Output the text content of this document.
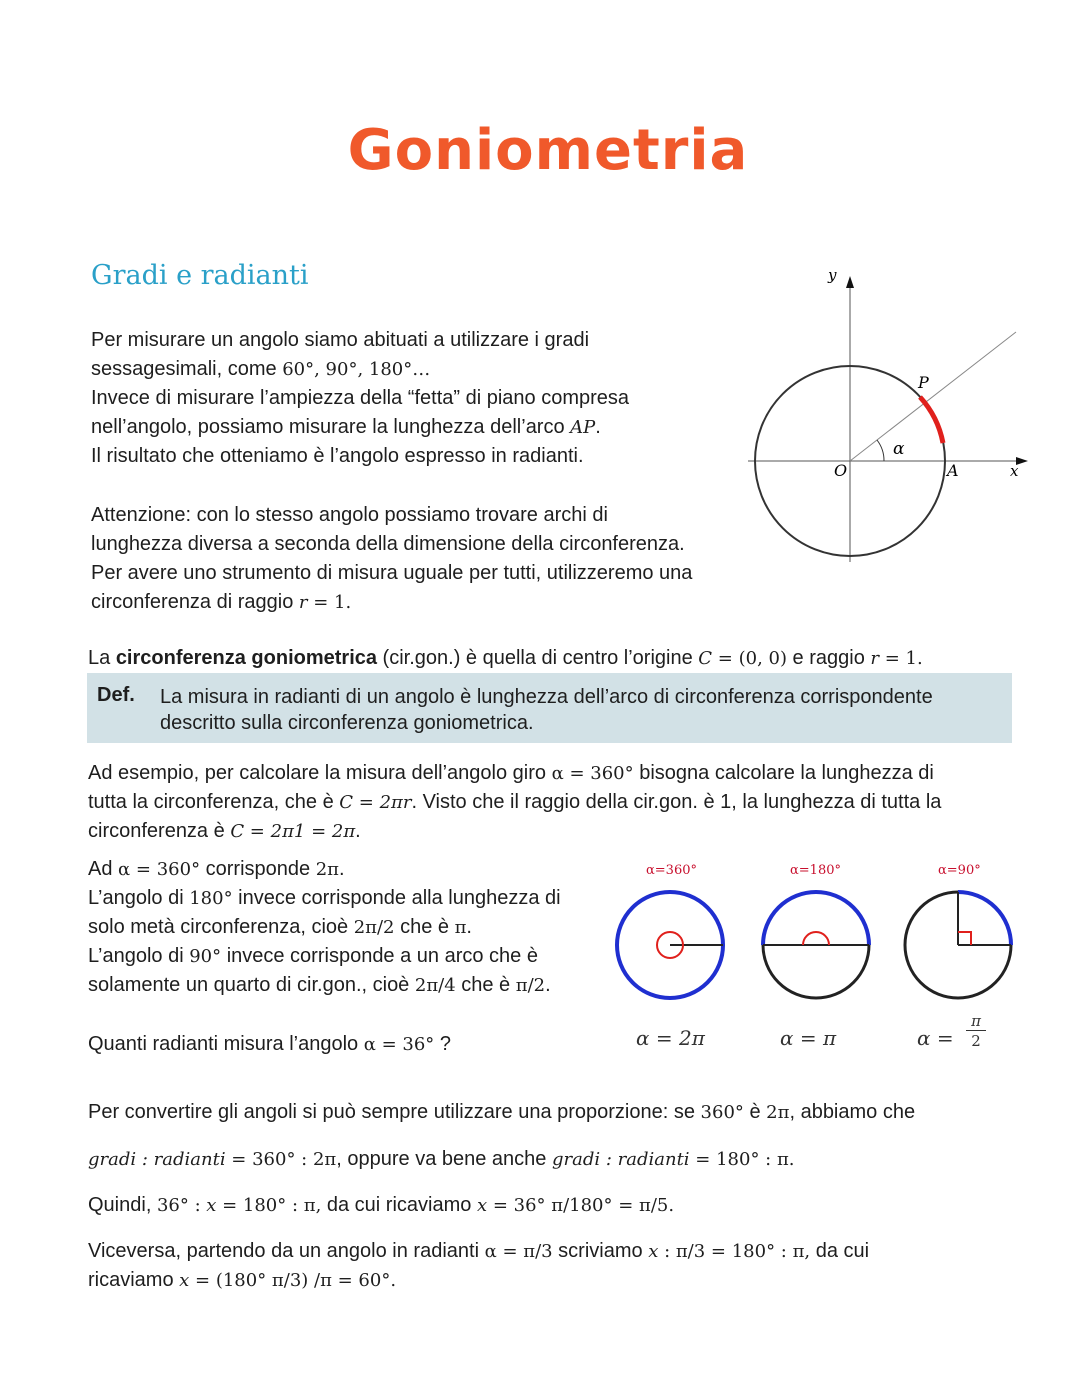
Goniometria
Gradi e radianti
Per misurare un angolo siamo abituati a utilizzare i gradi
sessagesimali, come 60°, 90°, 180°…
Invece di misurare l’ampiezza della “fetta” di piano compresa
nell’angolo, possiamo misurare la lunghezza dell’arco AP.
Il risultato che otteniamo è l’angolo espresso in radianti.
Attenzione: con lo stesso angolo possiamo trovare archi di
lunghezza diversa a seconda della dimensione della circonferenza.
Per avere uno strumento di misura uguale per tutti, utilizzeremo una
circonferenza di raggio r = 1.
y
x
O	A
P
α
La circonferenza goniometrica (cir.gon.) è quella di centro l’origine C = (0, 0) e raggio r = 1.
Def. La misura in radianti di un angolo è lunghezza dell’arco di circonferenza corrispondente descritto sulla circonferenza goniometrica.
Ad esempio, per calcolare la misura dell’angolo giro α = 360° bisogna calcolare la lunghezza di
tutta la circonferenza, che è C = 2πr. Visto che il raggio della cir.gon. è 1, la lunghezza di tutta la
circonferenza è C = 2π1 = 2π.
Ad α = 360° corrisponde 2π.
L’angolo di 180° invece corrisponde alla lunghezza di
solo metà circonferenza, cioè 2π/2 che è π.
L’angolo di 90° invece corrisponde a un arco che è
solamente un quarto di cir.gon., cioè 2π/4 che è π/2.
α=360°	α=180°	α=90°
α = 2π	α = π	$\alpha = \frac{\pi}{2}$
Quanti radianti misura l’angolo α = 36° ?
Per convertire gli angoli si può sempre utilizzare una proporzione: se 360° è 2π, abbiamo che
gradi : radianti = 360° : 2π, oppure va bene anche gradi : radianti = 180° : π.
Quindi, 36° : x = 180° : π, da cui ricaviamo x = 36° π/180° = π/5.
Viceversa, partendo da un angolo in radianti α = π/3 scriviamo x : π/3 = 180° : π, da cui
ricaviamo x = (180° π/3) /π = 60°.
